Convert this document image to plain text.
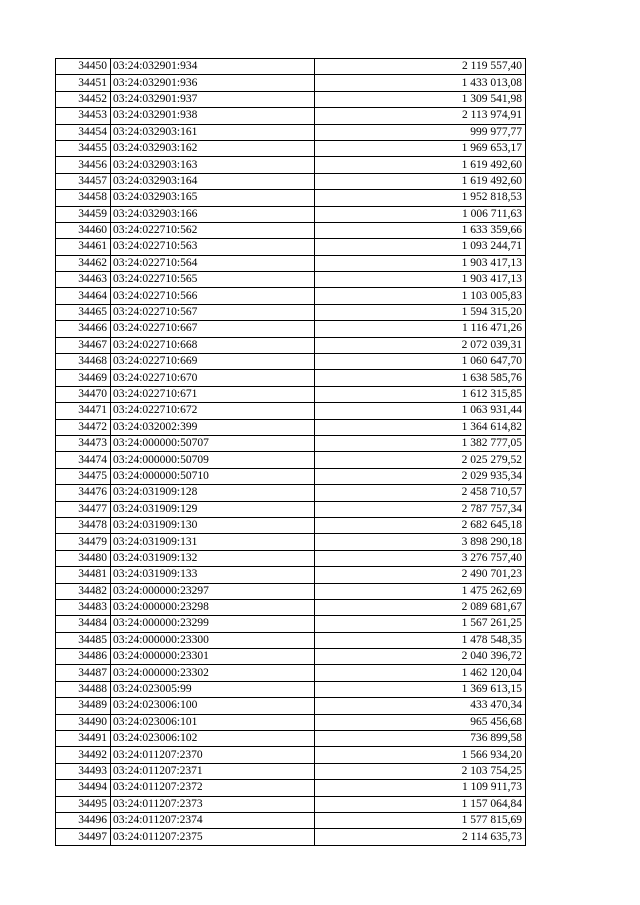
34450	03:24:032901:934	2 119 557,40
34451	03:24:032901:936	1 433 013,08
34452	03:24:032901:937	1 309 541,98
34453	03:24:032901:938	2 113 974,91
34454	03:24:032903:161	999 977,77
34455	03:24:032903:162	1 969 653,17
34456	03:24:032903:163	1 619 492,60
34457	03:24:032903:164	1 619 492,60
34458	03:24:032903:165	1 952 818,53
34459	03:24:032903:166	1 006 711,63
34460	03:24:022710:562	1 633 359,66
34461	03:24:022710:563	1 093 244,71
34462	03:24:022710:564	1 903 417,13
34463	03:24:022710:565	1 903 417,13
34464	03:24:022710:566	1 103 005,83
34465	03:24:022710:567	1 594 315,20
34466	03:24:022710:667	1 116 471,26
34467	03:24:022710:668	2 072 039,31
34468	03:24:022710:669	1 060 647,70
34469	03:24:022710:670	1 638 585,76
34470	03:24:022710:671	1 612 315,85
34471	03:24:022710:672	1 063 931,44
34472	03:24:032002:399	1 364 614,82
34473	03:24:000000:50707	1 382 777,05
34474	03:24:000000:50709	2 025 279,52
34475	03:24:000000:50710	2 029 935,34
34476	03:24:031909:128	2 458 710,57
34477	03:24:031909:129	2 787 757,34
34478	03:24:031909:130	2 682 645,18
34479	03:24:031909:131	3 898 290,18
34480	03:24:031909:132	3 276 757,40
34481	03:24:031909:133	2 490 701,23
34482	03:24:000000:23297	1 475 262,69
34483	03:24:000000:23298	2 089 681,67
34484	03:24:000000:23299	1 567 261,25
34485	03:24:000000:23300	1 478 548,35
34486	03:24:000000:23301	2 040 396,72
34487	03:24:000000:23302	1 462 120,04
34488	03:24:023005:99	1 369 613,15
34489	03:24:023006:100	433 470,34
34490	03:24:023006:101	965 456,68
34491	03:24:023006:102	736 899,58
34492	03:24:011207:2370	1 566 934,20
34493	03:24:011207:2371	2 103 754,25
34494	03:24:011207:2372	1 109 911,73
34495	03:24:011207:2373	1 157 064,84
34496	03:24:011207:2374	1 577 815,69
34497	03:24:011207:2375	2 114 635,73
